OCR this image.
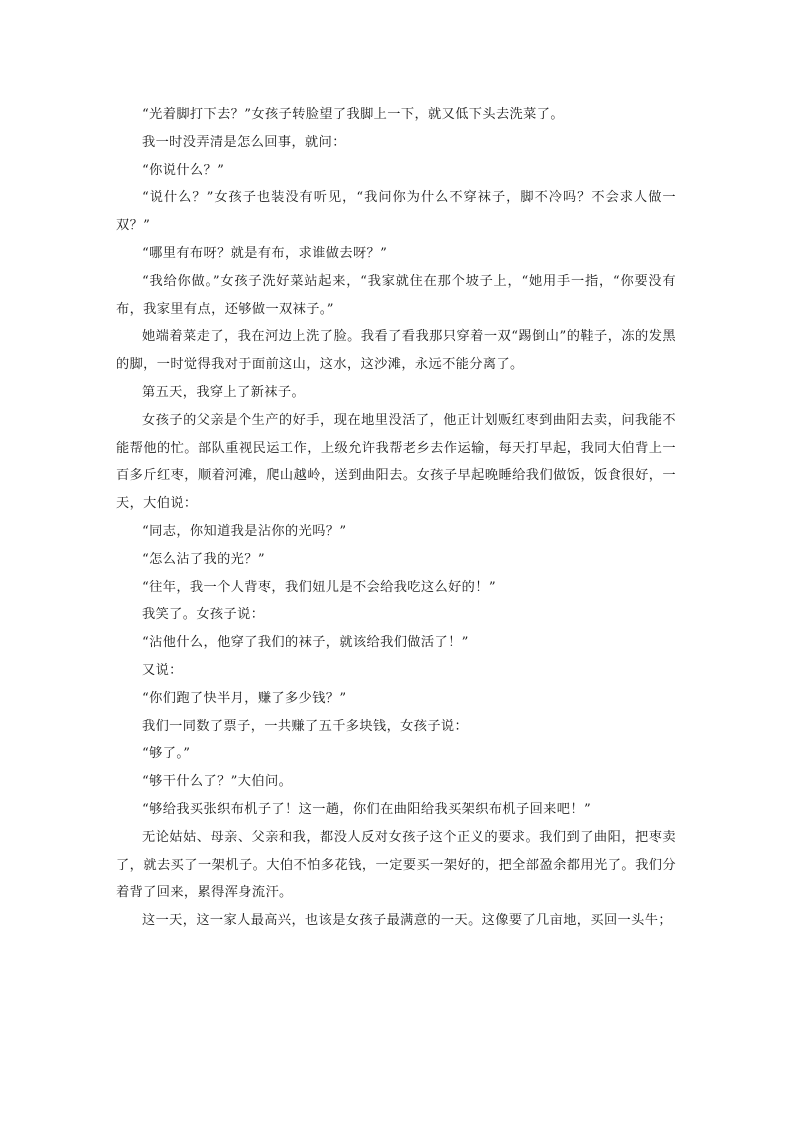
“光着脚打下去？”女孩子转脸望了我脚上一下，就又低下头去洗菜了。

我一时没弄清是怎么回事，就问：

“你说什么？”

“说什么？”女孩子也装没有听见，“我问你为什么不穿袜子，脚不冷吗？不会求人做一双？”

“哪里有布呀？就是有布，求谁做去呀？”

“我给你做。”女孩子洗好菜站起来，“我家就住在那个坡子上，“她用手一指，“你要没有布，我家里有点，还够做一双袜子。”

她端着菜走了，我在河边上洗了脸。我看了看我那只穿着一双“踢倒山”的鞋子，冻的发黑的脚，一时觉得我对于面前这山，这水，这沙滩，永远不能分离了。

第五天，我穿上了新袜子。

女孩子的父亲是个生产的好手，现在地里没活了，他正计划贩红枣到曲阳去卖，问我能不能帮他的忙。部队重视民运工作，上级允许我帮老乡去作运输，每天打早起，我同大伯背上一百多斤红枣，顺着河滩，爬山越岭，送到曲阳去。女孩子早起晚睡给我们做饭，饭食很好，一天，大伯说：

“同志，你知道我是沾你的光吗？”

“怎么沾了我的光？”

“往年，我一个人背枣，我们妞儿是不会给我吃这么好的！”

我笑了。女孩子说：

“沾他什么，他穿了我们的袜子，就该给我们做活了！”

又说：

“你们跑了快半月，赚了多少钱？”

我们一同数了票子，一共赚了五千多块钱，女孩子说：

“够了。”

“够干什么了？”大伯问。

“够给我买张织布机子了！这一趟，你们在曲阳给我买架织布机子回来吧！”

无论姑姑、母亲、父亲和我，都没人反对女孩子这个正义的要求。我们到了曲阳，把枣卖了，就去买了一架机子。大伯不怕多花钱，一定要买一架好的，把全部盈余都用光了。我们分着背了回来，累得浑身流汗。

这一天，这一家人最高兴，也该是女孩子最满意的一天。这像要了几亩地，买回一头牛；
